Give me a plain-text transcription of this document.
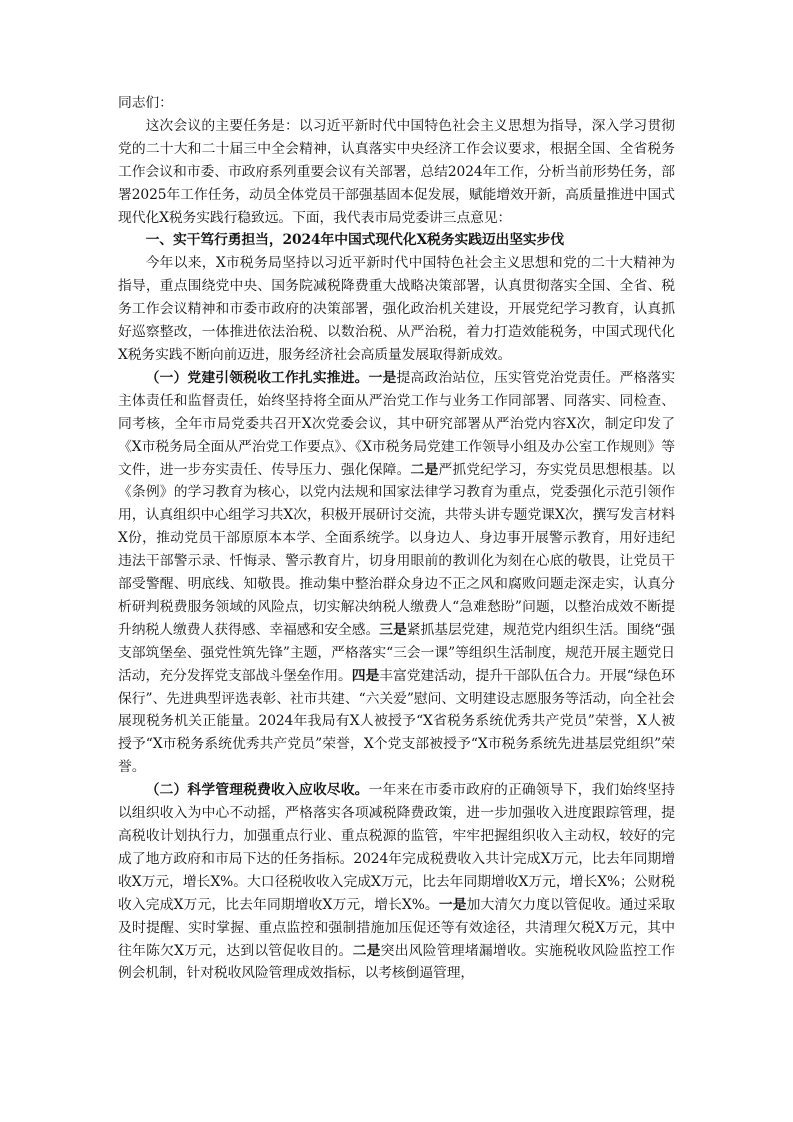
同志们：

这次会议的主要任务是：以习近平新时代中国特色社会主义思想为指导，深入学习贯彻党的二十大和二十届三中全会精神，认真落实中央经济工作会议要求，根据全国、全省税务工作会议和市委、市政府系列重要会议有关部署，总结2024年工作，分析当前形势任务，部署2025年工作任务，动员全体党员干部强基固本促发展，赋能增效开新，高质量推进中国式现代化X税务实践行稳致远。下面，我代表市局党委讲三点意见：

一、实干笃行勇担当，2024年中国式现代化X税务实践迈出坚实步伐

今年以来，X市税务局坚持以习近平新时代中国特色社会主义思想和党的二十大精神为指导，重点围绕党中央、国务院减税降费重大战略决策部署，认真贯彻落实全国、全省、税务工作会议精神和市委市政府的决策部署，强化政治机关建设，开展党纪学习教育，认真抓好巡察整改，一体推进依法治税、以数治税、从严治税，着力打造效能税务，中国式现代化X税务实践不断向前迈进，服务经济社会高质量发展取得新成效。

（一）党建引领税收工作扎实推进。一是提高政治站位，压实管党治党责任。严格落实主体责任和监督责任，始终坚持将全面从严治党工作与业务工作同部署、同落实、同检查、同考核，全年市局党委共召开X次党委会议，其中研究部署从严治党内容X次，制定印发了《X市税务局全面从严治党工作要点》、《X市税务局党建工作领导小组及办公室工作规则》等文件，进一步夯实责任、传导压力、强化保障。二是严抓党纪学习，夯实党员思想根基。以《条例》的学习教育为核心，以党内法规和国家法律学习教育为重点，党委强化示范引领作用，认真组织中心组学习共X次，积极开展研讨交流，共带头讲专题党课X次，撰写发言材料X份，推动党员干部原原本本学、全面系统学。以身边人、身边事开展警示教育，用好违纪违法干部警示录、忏悔录、警示教育片，切身用眼前的教训化为刻在心底的敬畏，让党员干部受警醒、明底线、知敬畏。推动集中整治群众身边不正之风和腐败问题走深走实，认真分析研判税费服务领域的风险点，切实解决纳税人缴费人“急难愁盼”问题，以整治成效不断提升纳税人缴费人获得感、幸福感和安全感。三是紧抓基层党建，规范党内组织生活。围绕“强支部筑堡垒、强党性筑先锋”主题，严格落实“三会一课”等组织生活制度，规范开展主题党日活动，充分发挥党支部战斗堡垒作用。四是丰富党建活动，提升干部队伍合力。开展“绿色环保行”、先进典型评选表彰、社市共建、“六关爱”慰问、文明建设志愿服务等活动，向全社会展现税务机关正能量。2024年我局有X人被授予“X省税务系统优秀共产党员”荣誉，X人被授予“X市税务系统优秀共产党员”荣誉，X个党支部被授予“X市税务系统先进基层党组织”荣誉。

（二）科学管理税费收入应收尽收。一年来在市委市政府的正确领导下，我们始终坚持以组织收入为中心不动摇，严格落实各项减税降费政策，进一步加强收入进度跟踪管理，提高税收计划执行力，加强重点行业、重点税源的监管，牢牢把握组织收入主动权，较好的完成了地方政府和市局下达的任务指标。2024年完成税费收入共计完成X万元，比去年同期增收X万元，增长X%。大口径税收收入完成X万元，比去年同期增收X万元，增长X%；公财税收入完成X万元，比去年同期增收X万元，增长X%。一是加大清欠力度以管促收。通过采取及时提醒、实时掌握、重点监控和强制措施加压促还等有效途径，共清理欠税X万元，其中往年陈欠X万元，达到以管促收目的。二是突出风险管理堵漏增收。实施税收风险监控工作例会机制，针对税收风险管理成效指标，以考核倒逼管理，
